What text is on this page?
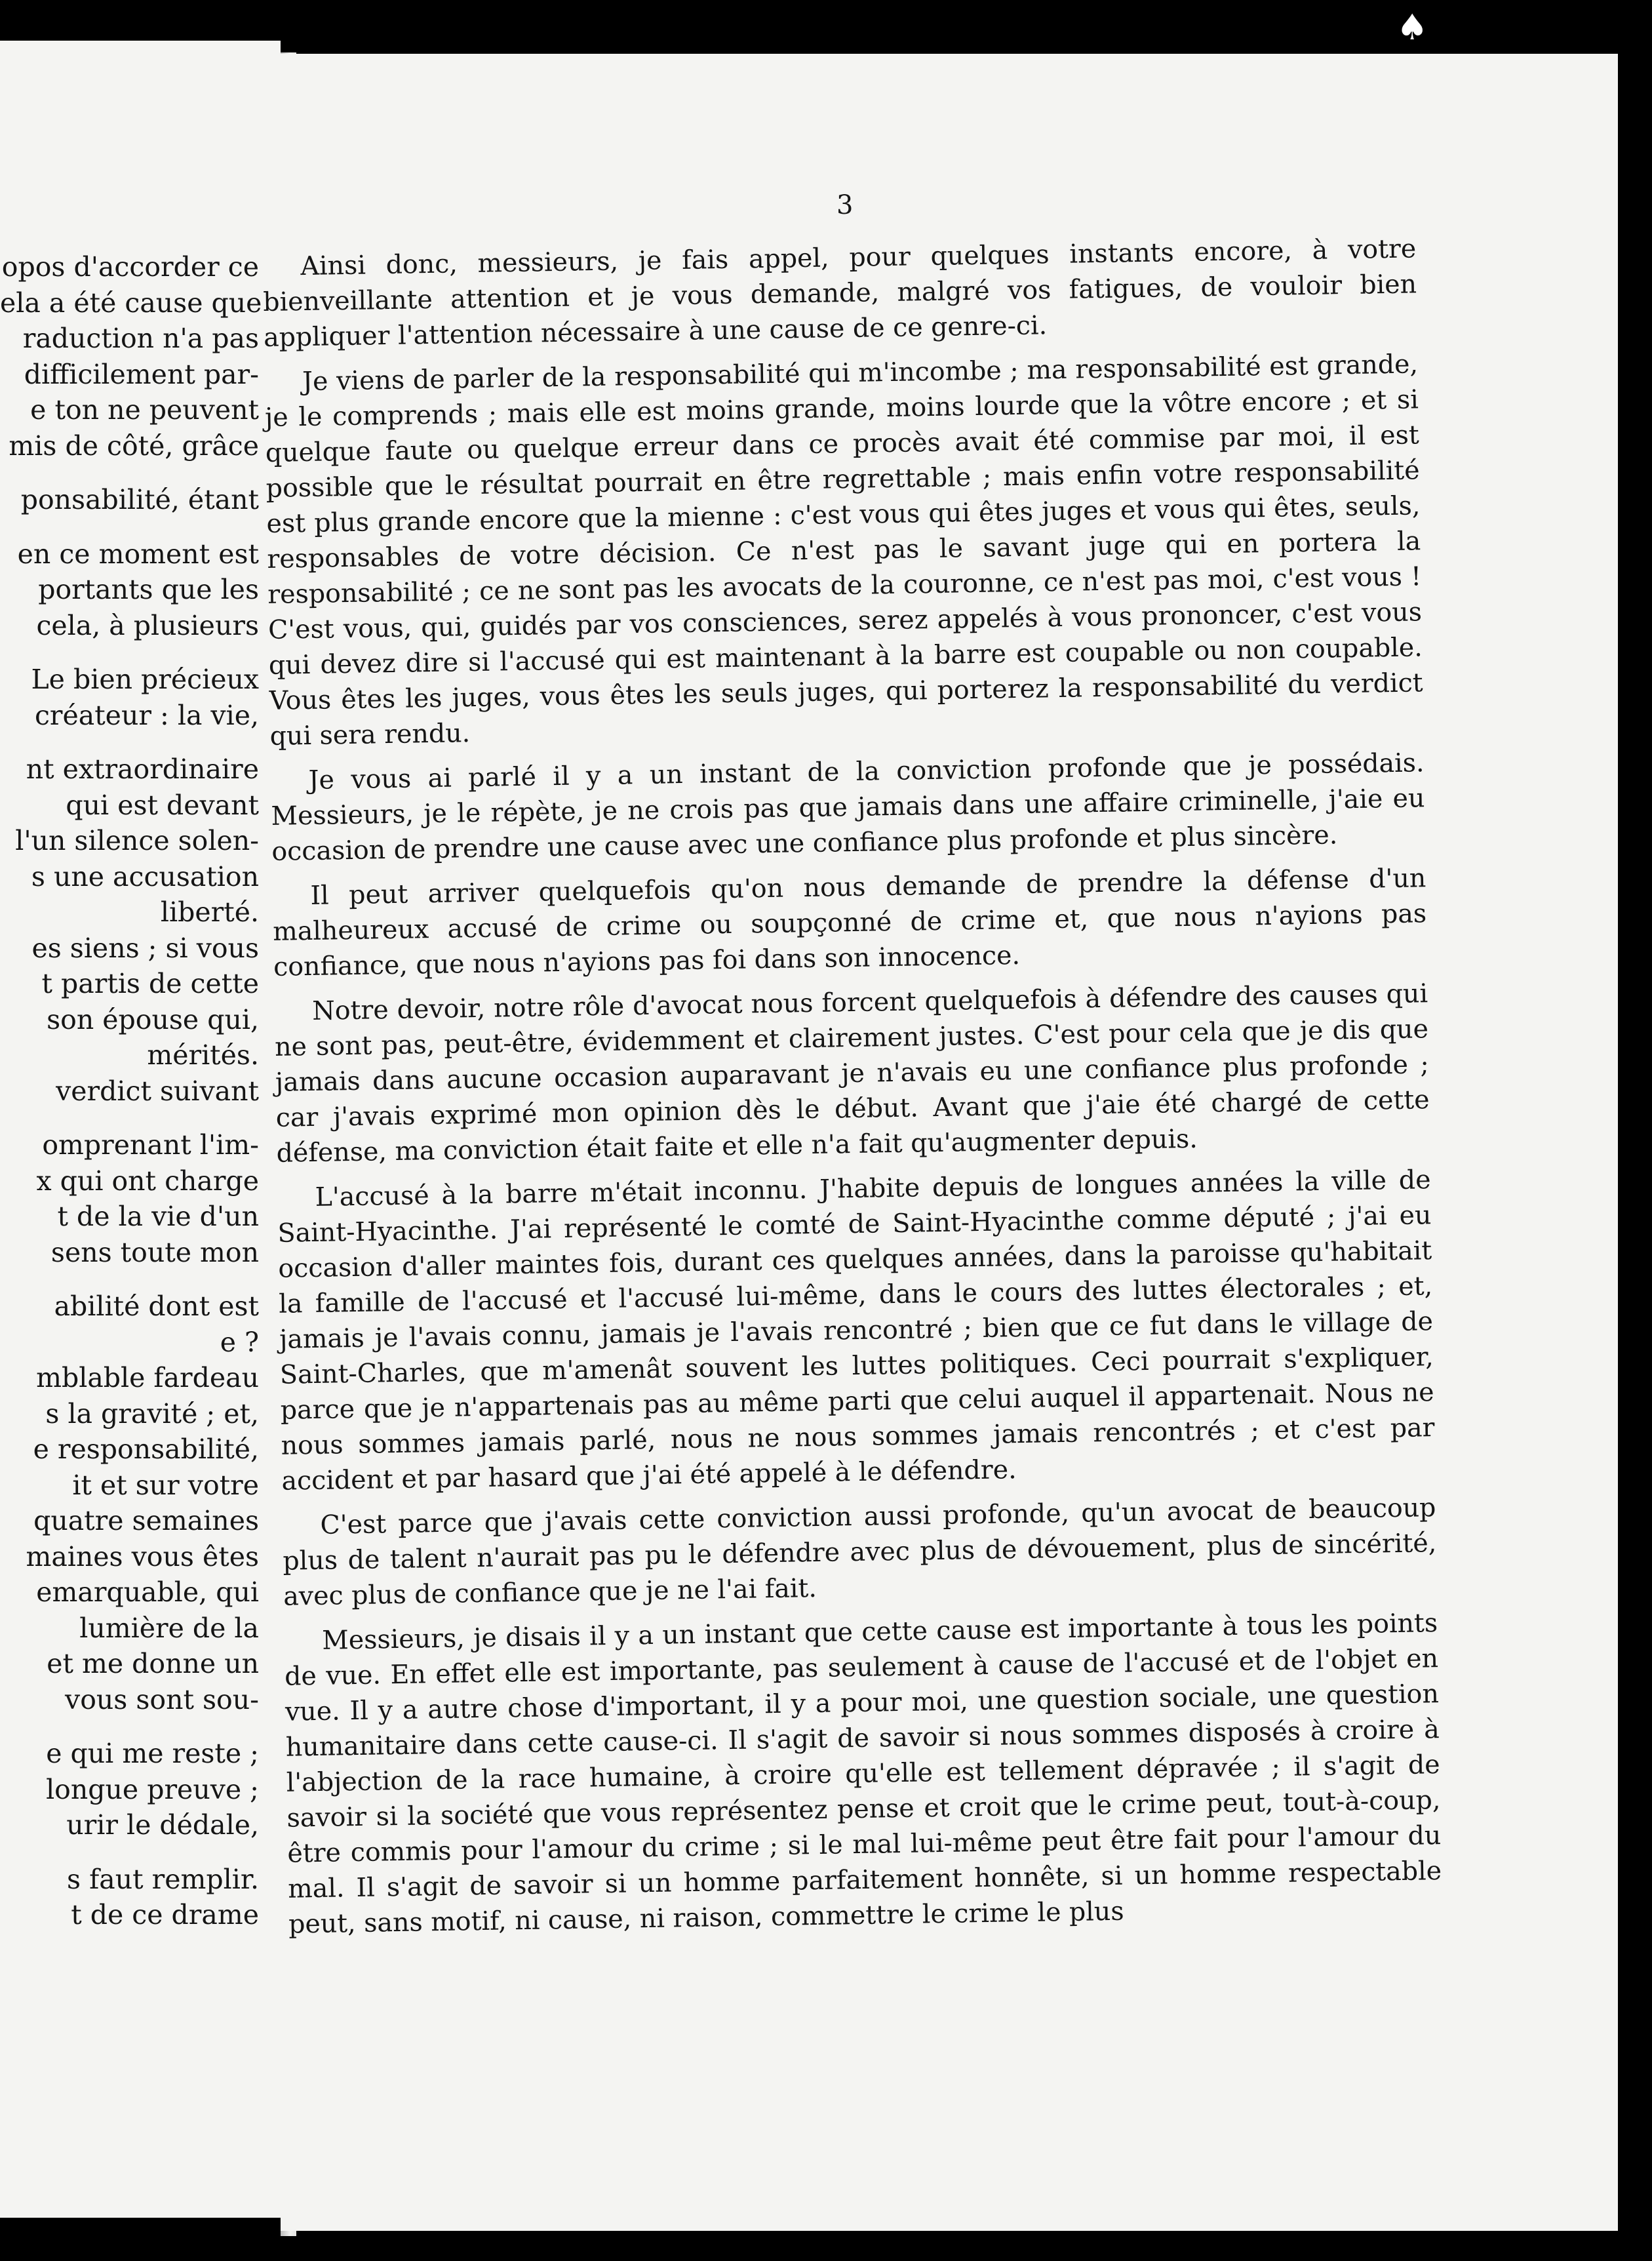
opos d'accorder ce
ela a été cause que
raduction n'a pas
difficilement par-
e ton ne peuvent
mis de côté, grâce
ponsabilité, étant
en ce moment est
portants que les
cela, à plusieurs
Le bien précieux
créateur : la vie,
nt extraordinaire
qui est devant
l'un silence solen-
s une accusation
liberté.
es siens ; si vous
t partis de cette
son épouse qui,
mérités.
verdict suivant
omprenant l'im-
x qui ont charge
t de la vie d'un
sens toute mon
abilité dont est
e ?
mblable fardeau
s la gravité ; et,
e responsabilité,
it et sur votre
quatre semaines
maines vous êtes
emarquable, qui
lumière de la
et me donne un
vous sont sou-
e qui me reste ;
longue preuve ;
urir le dédale,
s faut remplir.
t de ce drame
3
♠

Ainsi donc, messieurs, je fais appel, pour quelques instants encore, à votre bienveillante attention et je vous demande, malgré vos fatigues, de vouloir bien appliquer l'attention nécessaire à une cause de ce genre-ci.

Je viens de parler de la responsabilité qui m'incombe ; ma responsabilité est grande, je le comprends ; mais elle est moins grande, moins lourde que la vôtre encore ; et si quelque faute ou quelque erreur dans ce procès avait été commise par moi, il est possible que le résultat pourrait en être regrettable ; mais enfin votre responsabilité est plus grande encore que la mienne : c'est vous qui êtes juges et vous qui êtes, seuls, responsables de votre décision. Ce n'est pas le savant juge qui en portera la responsabilité ; ce ne sont pas les avocats de la couronne, ce n'est pas moi, c'est vous ! C'est vous, qui, guidés par vos consciences, serez appelés à vous prononcer, c'est vous qui devez dire si l'accusé qui est maintenant à la barre est coupable ou non coupable. Vous êtes les juges, vous êtes les seuls juges, qui porterez la responsabilité du verdict qui sera rendu.

Je vous ai parlé il y a un instant de la conviction profonde que je possédais. Messieurs, je le répète, je ne crois pas que jamais dans une affaire criminelle, j'aie eu occasion de prendre une cause avec une confiance plus profonde et plus sincère.

Il peut arriver quelquefois qu'on nous demande de prendre la défense d'un malheureux accusé de crime ou soupçonné de crime et, que nous n'ayions pas confiance, que nous n'ayions pas foi dans son innocence.

Notre devoir, notre rôle d'avocat nous forcent quelquefois à défendre des causes qui ne sont pas, peut-être, évidemment et clairement justes. C'est pour cela que je dis que jamais dans aucune occasion auparavant je n'avais eu une confiance plus profonde ; car j'avais exprimé mon opinion dès le début. Avant que j'aie été chargé de cette défense, ma conviction était faite et elle n'a fait qu'augmenter depuis.

L'accusé à la barre m'était inconnu. J'habite depuis de longues années la ville de Saint-Hyacinthe. J'ai représenté le comté de Saint-Hyacinthe comme député ; j'ai eu occasion d'aller maintes fois, durant ces quelques années, dans la paroisse qu'habitait la famille de l'accusé et l'accusé lui-même, dans le cours des luttes électorales ; et, jamais je l'avais connu, jamais je l'avais rencontré ; bien que ce fut dans le village de Saint-Charles, que m'amenât souvent les luttes politiques. Ceci pourrait s'expliquer, parce que je n'appartenais pas au même parti que celui auquel il appartenait. Nous ne nous sommes jamais parlé, nous ne nous sommes jamais rencontrés ; et c'est par accident et par hasard que j'ai été appelé à le défendre.

C'est parce que j'avais cette conviction aussi profonde, qu'un avocat de beaucoup plus de talent n'aurait pas pu le défendre avec plus de dévouement, plus de sincérité, avec plus de confiance que je ne l'ai fait.

Messieurs, je disais il y a un instant que cette cause est importante à tous les points de vue. En effet elle est importante, pas seulement à cause de l'accusé et de l'objet en vue. Il y a autre chose d'important, il y a pour moi, une question sociale, une question humanitaire dans cette cause-ci. Il s'agit de savoir si nous sommes disposés à croire à l'abjection de la race humaine, à croire qu'elle est tellement dépravée ; il s'agit de savoir si la société que vous représentez pense et croit que le crime peut, tout-à-coup, être commis pour l'amour du crime ; si le mal lui-même peut être fait pour l'amour du mal. Il s'agit de savoir si un homme parfaitement honnête, si un homme respectable peut, sans motif, ni cause, ni raison, commettre le crime le plus
